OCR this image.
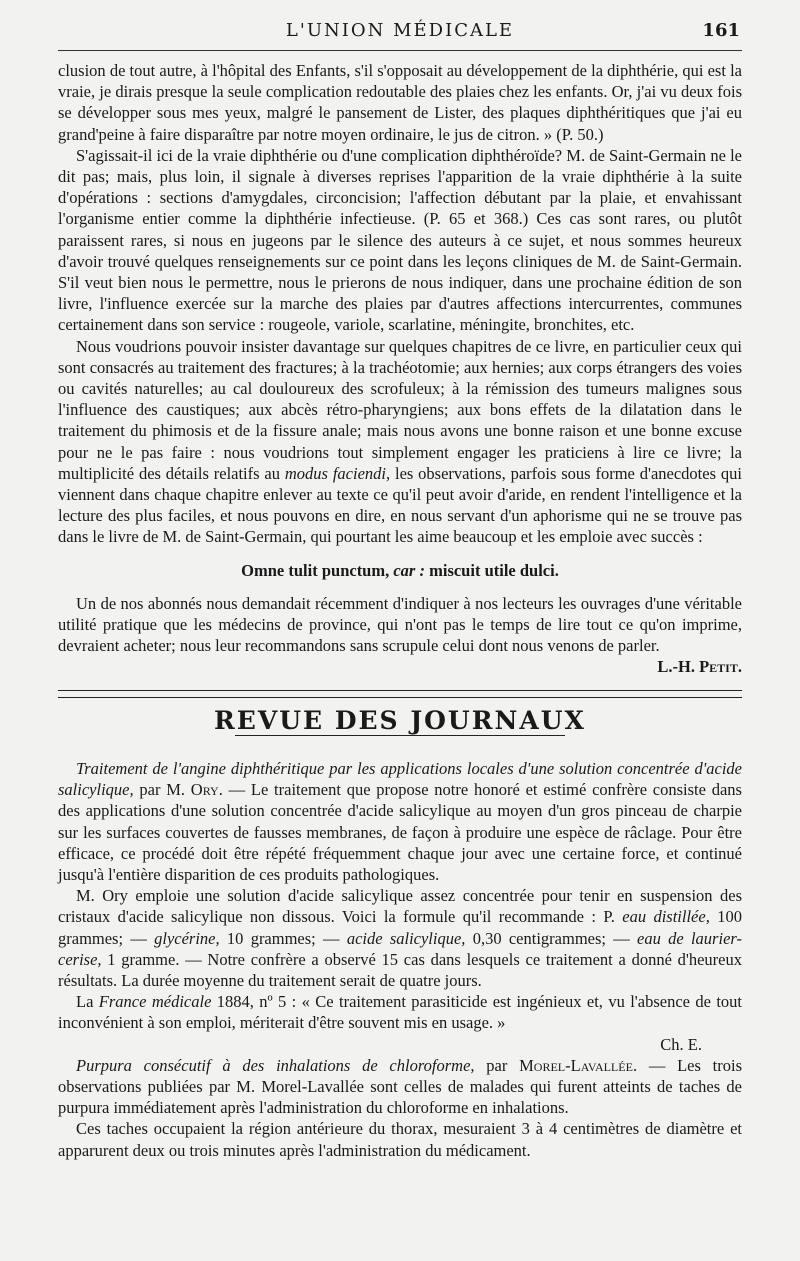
L'UNION MÉDICALE	161

clusion de tout autre, à l'hôpital des Enfants, s'il s'opposait au développement de la diphthérie, qui est la vraie, je dirais presque la seule complication redoutable des plaies chez les enfants. Or, j'ai vu deux fois se développer sous mes yeux, malgré le pansement de Lister, des plaques diphthéritiques que j'ai eu grand'peine à faire disparaître par notre moyen ordinaire, le jus de citron. » (P. 50.)

S'agissait-il ici de la vraie diphthérie ou d'une complication diphthéroïde? M. de Saint-Germain ne le dit pas; mais, plus loin, il signale à diverses reprises l'apparition de la vraie diphthérie à la suite d'opérations : sections d'amygdales, circoncision; l'affection débutant par la plaie, et envahissant l'organisme entier comme la diphthérie infectieuse. (P. 65 et 368.) Ces cas sont rares, ou plutôt paraissent rares, si nous en jugeons par le silence des auteurs à ce sujet, et nous sommes heureux d'avoir trouvé quelques renseignements sur ce point dans les leçons cliniques de M. de Saint-Germain. S'il veut bien nous le permettre, nous le prierons de nous indiquer, dans une prochaine édition de son livre, l'influence exercée sur la marche des plaies par d'autres affections intercurrentes, communes certainement dans son service : rougeole, variole, scarlatine, méningite, bronchites, etc.

Nous voudrions pouvoir insister davantage sur quelques chapitres de ce livre, en particulier ceux qui sont consacrés au traitement des fractures; à la trachéotomie; aux hernies; aux corps étrangers des voies ou cavités naturelles; au cal douloureux des scrofuleux; à la rémission des tumeurs malignes sous l'influence des caustiques; aux abcès rétro-pharyngiens; aux bons effets de la dilatation dans le traitement du phimosis et de la fissure anale; mais nous avons une bonne raison et une bonne excuse pour ne le pas faire : nous voudrions tout simplement engager les praticiens à lire ce livre; la multiplicité des détails relatifs au modus faciendi, les observations, parfois sous forme d'anecdotes qui viennent dans chaque chapitre enlever au texte ce qu'il peut avoir d'aride, en rendent l'intelligence et la lecture des plus faciles, et nous pouvons en dire, en nous servant d'un aphorisme qui ne se trouve pas dans le livre de M. de Saint-Germain, qui pourtant les aime beaucoup et les emploie avec succès :

Omne tulit punctum, car : miscuit utile dulci.

Un de nos abonnés nous demandait récemment d'indiquer à nos lecteurs les ouvrages d'une véritable utilité pratique que les médecins de province, qui n'ont pas le temps de lire tout ce qu'on imprime, devraient acheter; nous leur recommandons sans scrupule celui dont nous venons de parler.

L.-H. Petit.

REVUE DES JOURNAUX

Traitement de l'angine diphthéritique par les applications locales d'une solution concentrée d'acide salicylique, par M. Ory. — Le traitement que propose notre honoré et estimé confrère consiste dans des applications d'une solution concentrée d'acide salicylique au moyen d'un gros pinceau de charpie sur les surfaces couvertes de fausses membranes, de façon à produire une espèce de râclage. Pour être efficace, ce procédé doit être répété fréquemment chaque jour avec une certaine force, et continué jusqu'à l'entière disparition de ces produits pathologiques.

M. Ory emploie une solution d'acide salicylique assez concentrée pour tenir en suspension des cristaux d'acide salicylique non dissous. Voici la formule qu'il recommande : P. eau distillée, 100 grammes; — glycérine, 10 grammes; — acide salicylique, 0,30 centigrammes; — eau de laurier-cerise, 1 gramme. — Notre confrère a observé 15 cas dans lesquels ce traitement a donné d'heureux résultats. La durée moyenne du traitement serait de quatre jours.

La France médicale 1884, nº 5 : « Ce traitement parasiticide est ingénieux et, vu l'absence de tout inconvénient à son emploi, mériterait d'être souvent mis en usage. »

Ch. E.

Purpura consécutif à des inhalations de chloroforme, par Morel-Lavallée. — Les trois observations publiées par M. Morel-Lavallée sont celles de malades qui furent atteints de taches de purpura immédiatement après l'administration du chloroforme en inhalations.

Ces taches occupaient la région antérieure du thorax, mesuraient 3 à 4 centimètres de diamètre et apparurent deux ou trois minutes après l'administration du médicament.
